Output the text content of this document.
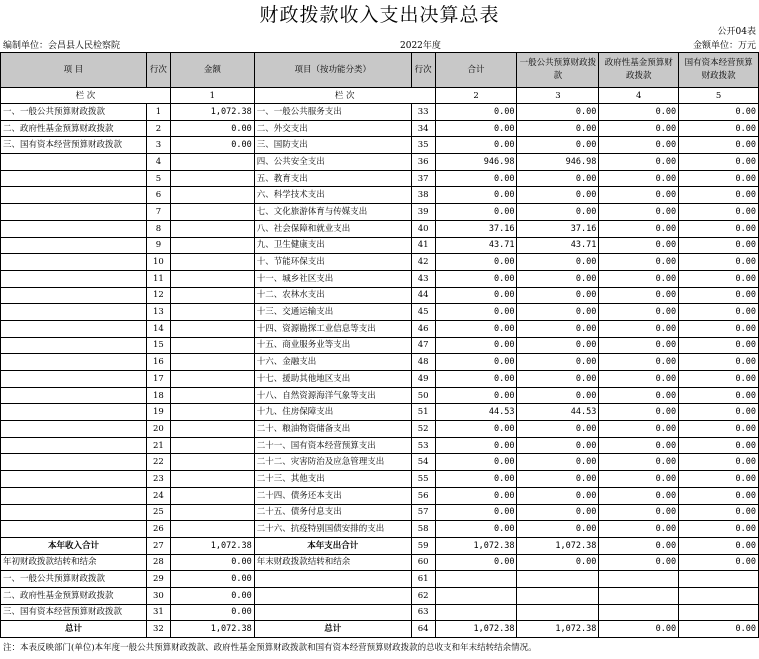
财政拨款收入支出决算总表
公开04表
编制单位：会昌县人民检察院	2022年度	金额单位：万元
项 目	行次	金额	项目（按功能分类）	行次	合计	一般公共预算财政拨款	政府性基金预算财政拨款	国有资本经营预算财政拨款
栏 次		1	栏 次		2	3	4	5
一、一般公共预算财政拨款	1	1,072.38	一、一般公共服务支出	33	0.00	0.00	0.00	0.00
二、政府性基金预算财政拨款	2	0.00	二、外交支出	34	0.00	0.00	0.00	0.00
三、国有资本经营预算财政拨款	3	0.00	三、国防支出	35	0.00	0.00	0.00	0.00
	4		四、公共安全支出	36	946.98	946.98	0.00	0.00
	5		五、教育支出	37	0.00	0.00	0.00	0.00
	6		六、科学技术支出	38	0.00	0.00	0.00	0.00
	7		七、文化旅游体育与传媒支出	39	0.00	0.00	0.00	0.00
	8		八、社会保障和就业支出	40	37.16	37.16	0.00	0.00
	9		九、卫生健康支出	41	43.71	43.71	0.00	0.00
	10		十、节能环保支出	42	0.00	0.00	0.00	0.00
	11		十一、城乡社区支出	43	0.00	0.00	0.00	0.00
	12		十二、农林水支出	44	0.00	0.00	0.00	0.00
	13		十三、交通运输支出	45	0.00	0.00	0.00	0.00
	14		十四、资源勘探工业信息等支出	46	0.00	0.00	0.00	0.00
	15		十五、商业服务业等支出	47	0.00	0.00	0.00	0.00
	16		十六、金融支出	48	0.00	0.00	0.00	0.00
	17		十七、援助其他地区支出	49	0.00	0.00	0.00	0.00
	18		十八、自然资源海洋气象等支出	50	0.00	0.00	0.00	0.00
	19		十九、住房保障支出	51	44.53	44.53	0.00	0.00
	20		二十、粮油物资储备支出	52	0.00	0.00	0.00	0.00
	21		二十一、国有资本经营预算支出	53	0.00	0.00	0.00	0.00
	22		二十二、灾害防治及应急管理支出	54	0.00	0.00	0.00	0.00
	23		二十三、其他支出	55	0.00	0.00	0.00	0.00
	24		二十四、债务还本支出	56	0.00	0.00	0.00	0.00
	25		二十五、债务付息支出	57	0.00	0.00	0.00	0.00
	26		二十六、抗疫特别国债安排的支出	58	0.00	0.00	0.00	0.00
本年收入合计	27	1,072.38	本年支出合计	59	1,072.38	1,072.38	0.00	0.00
年初财政拨款结转和结余	28	0.00	年末财政拨款结转和结余	60	0.00	0.00	0.00	0.00
一、一般公共预算财政拨款	29	0.00		61				
二、政府性基金预算财政拨款	30	0.00		62				
三、国有资本经营预算财政拨款	31	0.00		63				
总计	32	1,072.38	总计	64	1,072.38	1,072.38	0.00	0.00
注：本表反映部门(单位)本年度一般公共预算财政拨款、政府性基金预算财政拨款和国有资本经营预算财政拨款的总收支和年末结转结余情况。
